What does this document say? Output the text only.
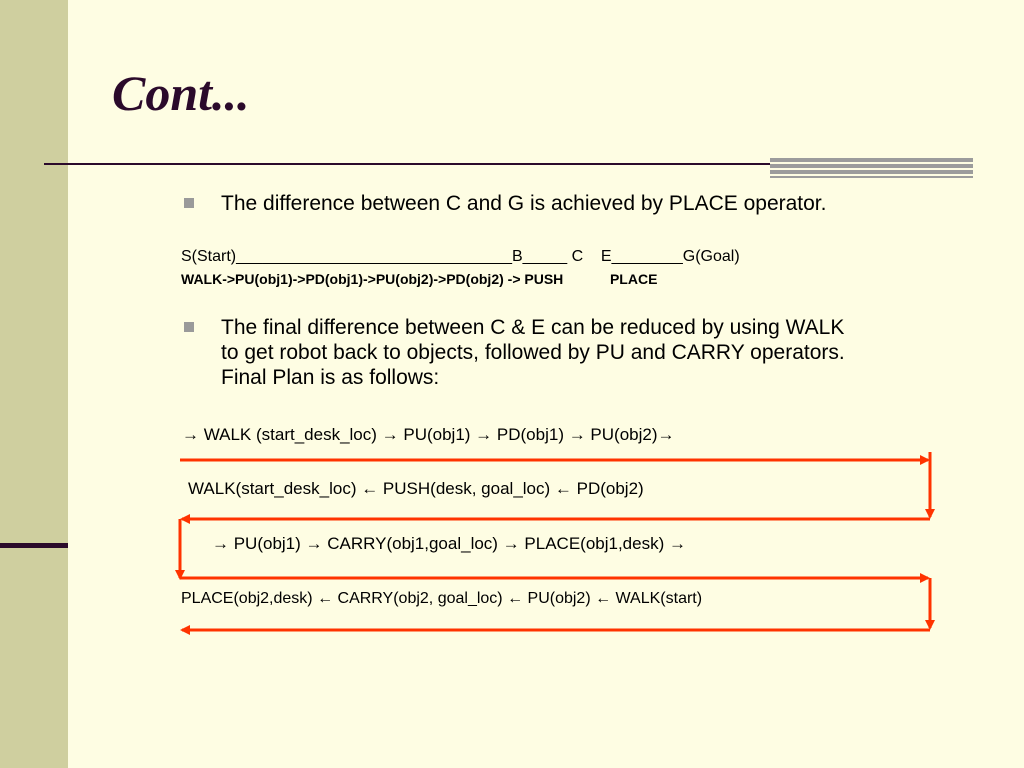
Cont...

The difference between C and G is achieved by PLACE operator.

S(Start)_______________________________B_____ C    E________G(Goal)

WALK->PU(obj1)->PD(obj1)->PU(obj2)->PD(obj2) -> PUSH            PLACE

The final difference between C & E can be reduced by using WALK
to get robot back to objects, followed by PU and CARRY operators.
Final Plan is as follows:

→ WALK (start_desk_loc) → PU(obj1) → PD(obj1) → PU(obj2)→

WALK(start_desk_loc) ← PUSH(desk, goal_loc) ← PD(obj2)

→ PU(obj1) → CARRY(obj1,goal_loc) → PLACE(obj1,desk) →

PLACE(obj2,desk) ← CARRY(obj2, goal_loc) ← PU(obj2) ← WALK(start)
